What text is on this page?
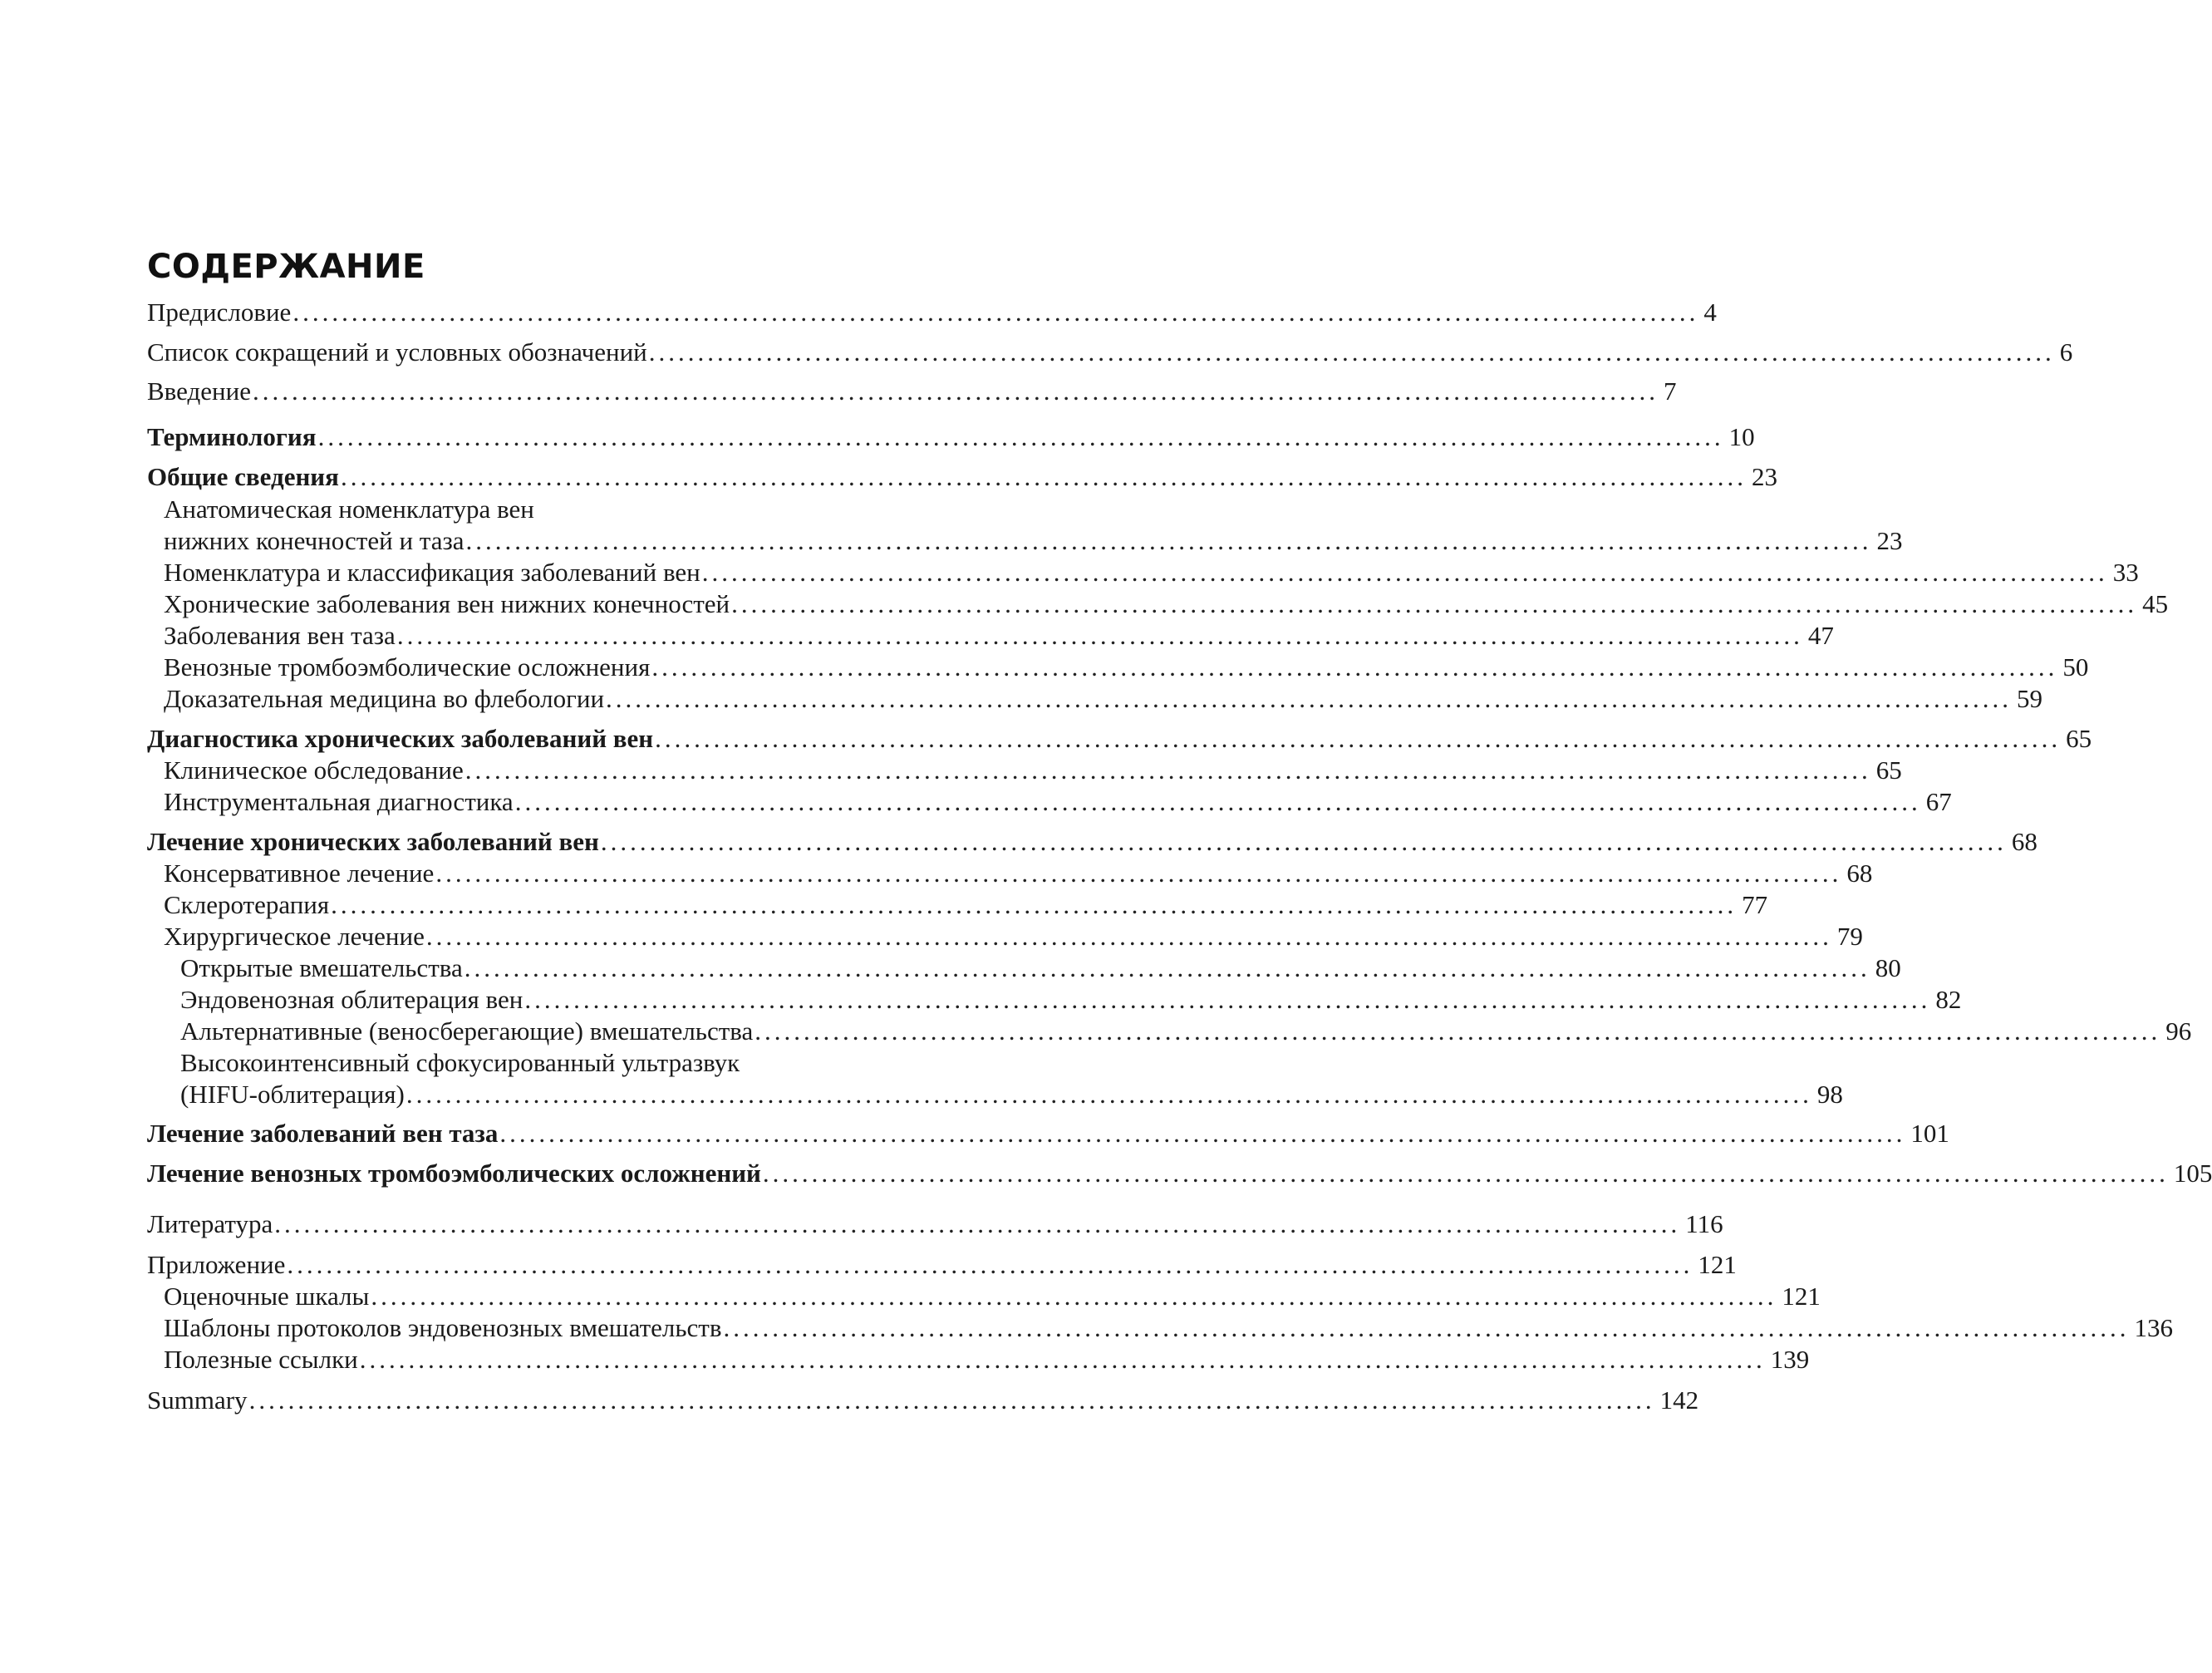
СОДЕРЖАНИЕ
Предисловие ................................................................................................................................................ 4
Список сокращений и условных обозначений ................................................................................................................................................ 6
Введение ................................................................................................................................................ 7
Терминология ................................................................................................................................................ 10
Общие сведения ................................................................................................................................................ 23
Анатомическая номенклатура вен
нижних конечностей и таза ................................................................................................................................................ 23
Номенклатура и классификация заболеваний вен ................................................................................................................................................ 33
Хронические заболевания вен нижних конечностей ................................................................................................................................................ 45
Заболевания вен таза ................................................................................................................................................ 47
Венозные тромбоэмболические осложнения ................................................................................................................................................ 50
Доказательная медицина во флебологии ................................................................................................................................................ 59
Диагностика хронических заболеваний вен ................................................................................................................................................ 65
Клиническое обследование ................................................................................................................................................ 65
Инструментальная диагностика ................................................................................................................................................ 67
Лечение хронических заболеваний вен ................................................................................................................................................ 68
Консервативное лечение ................................................................................................................................................ 68
Склеротерапия ................................................................................................................................................ 77
Хирургическое лечение ................................................................................................................................................ 79
Открытые вмешательства ................................................................................................................................................ 80
Эндовенозная облитерация вен ................................................................................................................................................ 82
Альтернативные (веносберегающие) вмешательства ................................................................................................................................................ 96
Высокоинтенсивный сфокусированный ультразвук
(HIFU-облитерация) ................................................................................................................................................ 98
Лечение заболеваний вен таза ................................................................................................................................................ 101
Лечение венозных тромбоэмболических осложнений ................................................................................................................................................ 105
Литература ................................................................................................................................................ 116
Приложение ................................................................................................................................................ 121
Оценочные шкалы ................................................................................................................................................ 121
Шаблоны протоколов эндовенозных вмешательств ................................................................................................................................................ 136
Полезные ссылки ................................................................................................................................................ 139
Summary ................................................................................................................................................ 142
